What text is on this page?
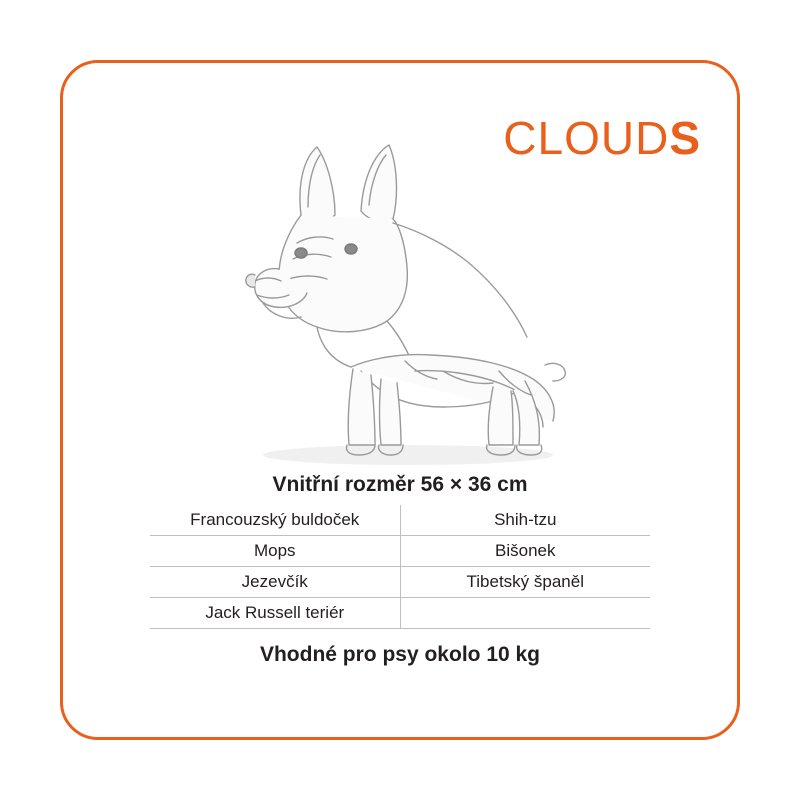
CLOUDS

Vnitřní rozměr 56 × 36 cm

Francouzský buldoček	Shih-tzu
Mops	Bišonek
Jezevčík	Tibetský španěl
Jack Russell teriér	

Vhodné pro psy okolo 10 kg
